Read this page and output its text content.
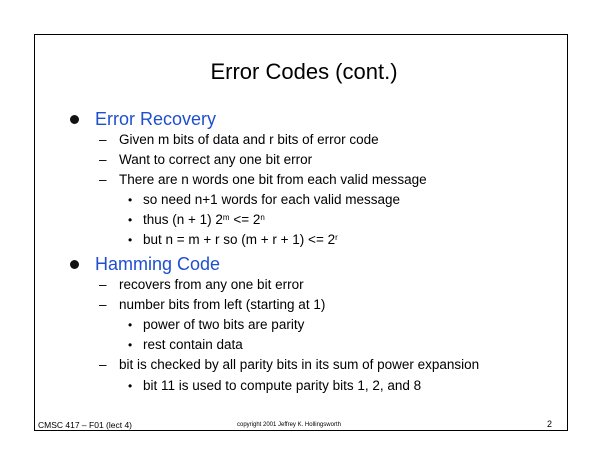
Error Codes (cont.)
Error Recovery
– Given m bits of data and r bits of error code
– Want to correct any one bit error
– There are n words one bit from each valid message
• so need n+1 words for each valid message
• thus (n + 1) $2^m <= 2^n$
• but n = m + r so $(m + r + 1) <= 2^r$
Hamming Code
– recovers from any one bit error
– number bits from left (starting at 1)
• power of two bits are parity
• rest contain data
– bit is checked by all parity bits in its sum of power expansion
• bit 11 is used to compute parity bits 1, 2, and 8
CMSC 417 – F01 (lect 4)	copyright 2001 Jeffrey K. Hollingsworth	2
